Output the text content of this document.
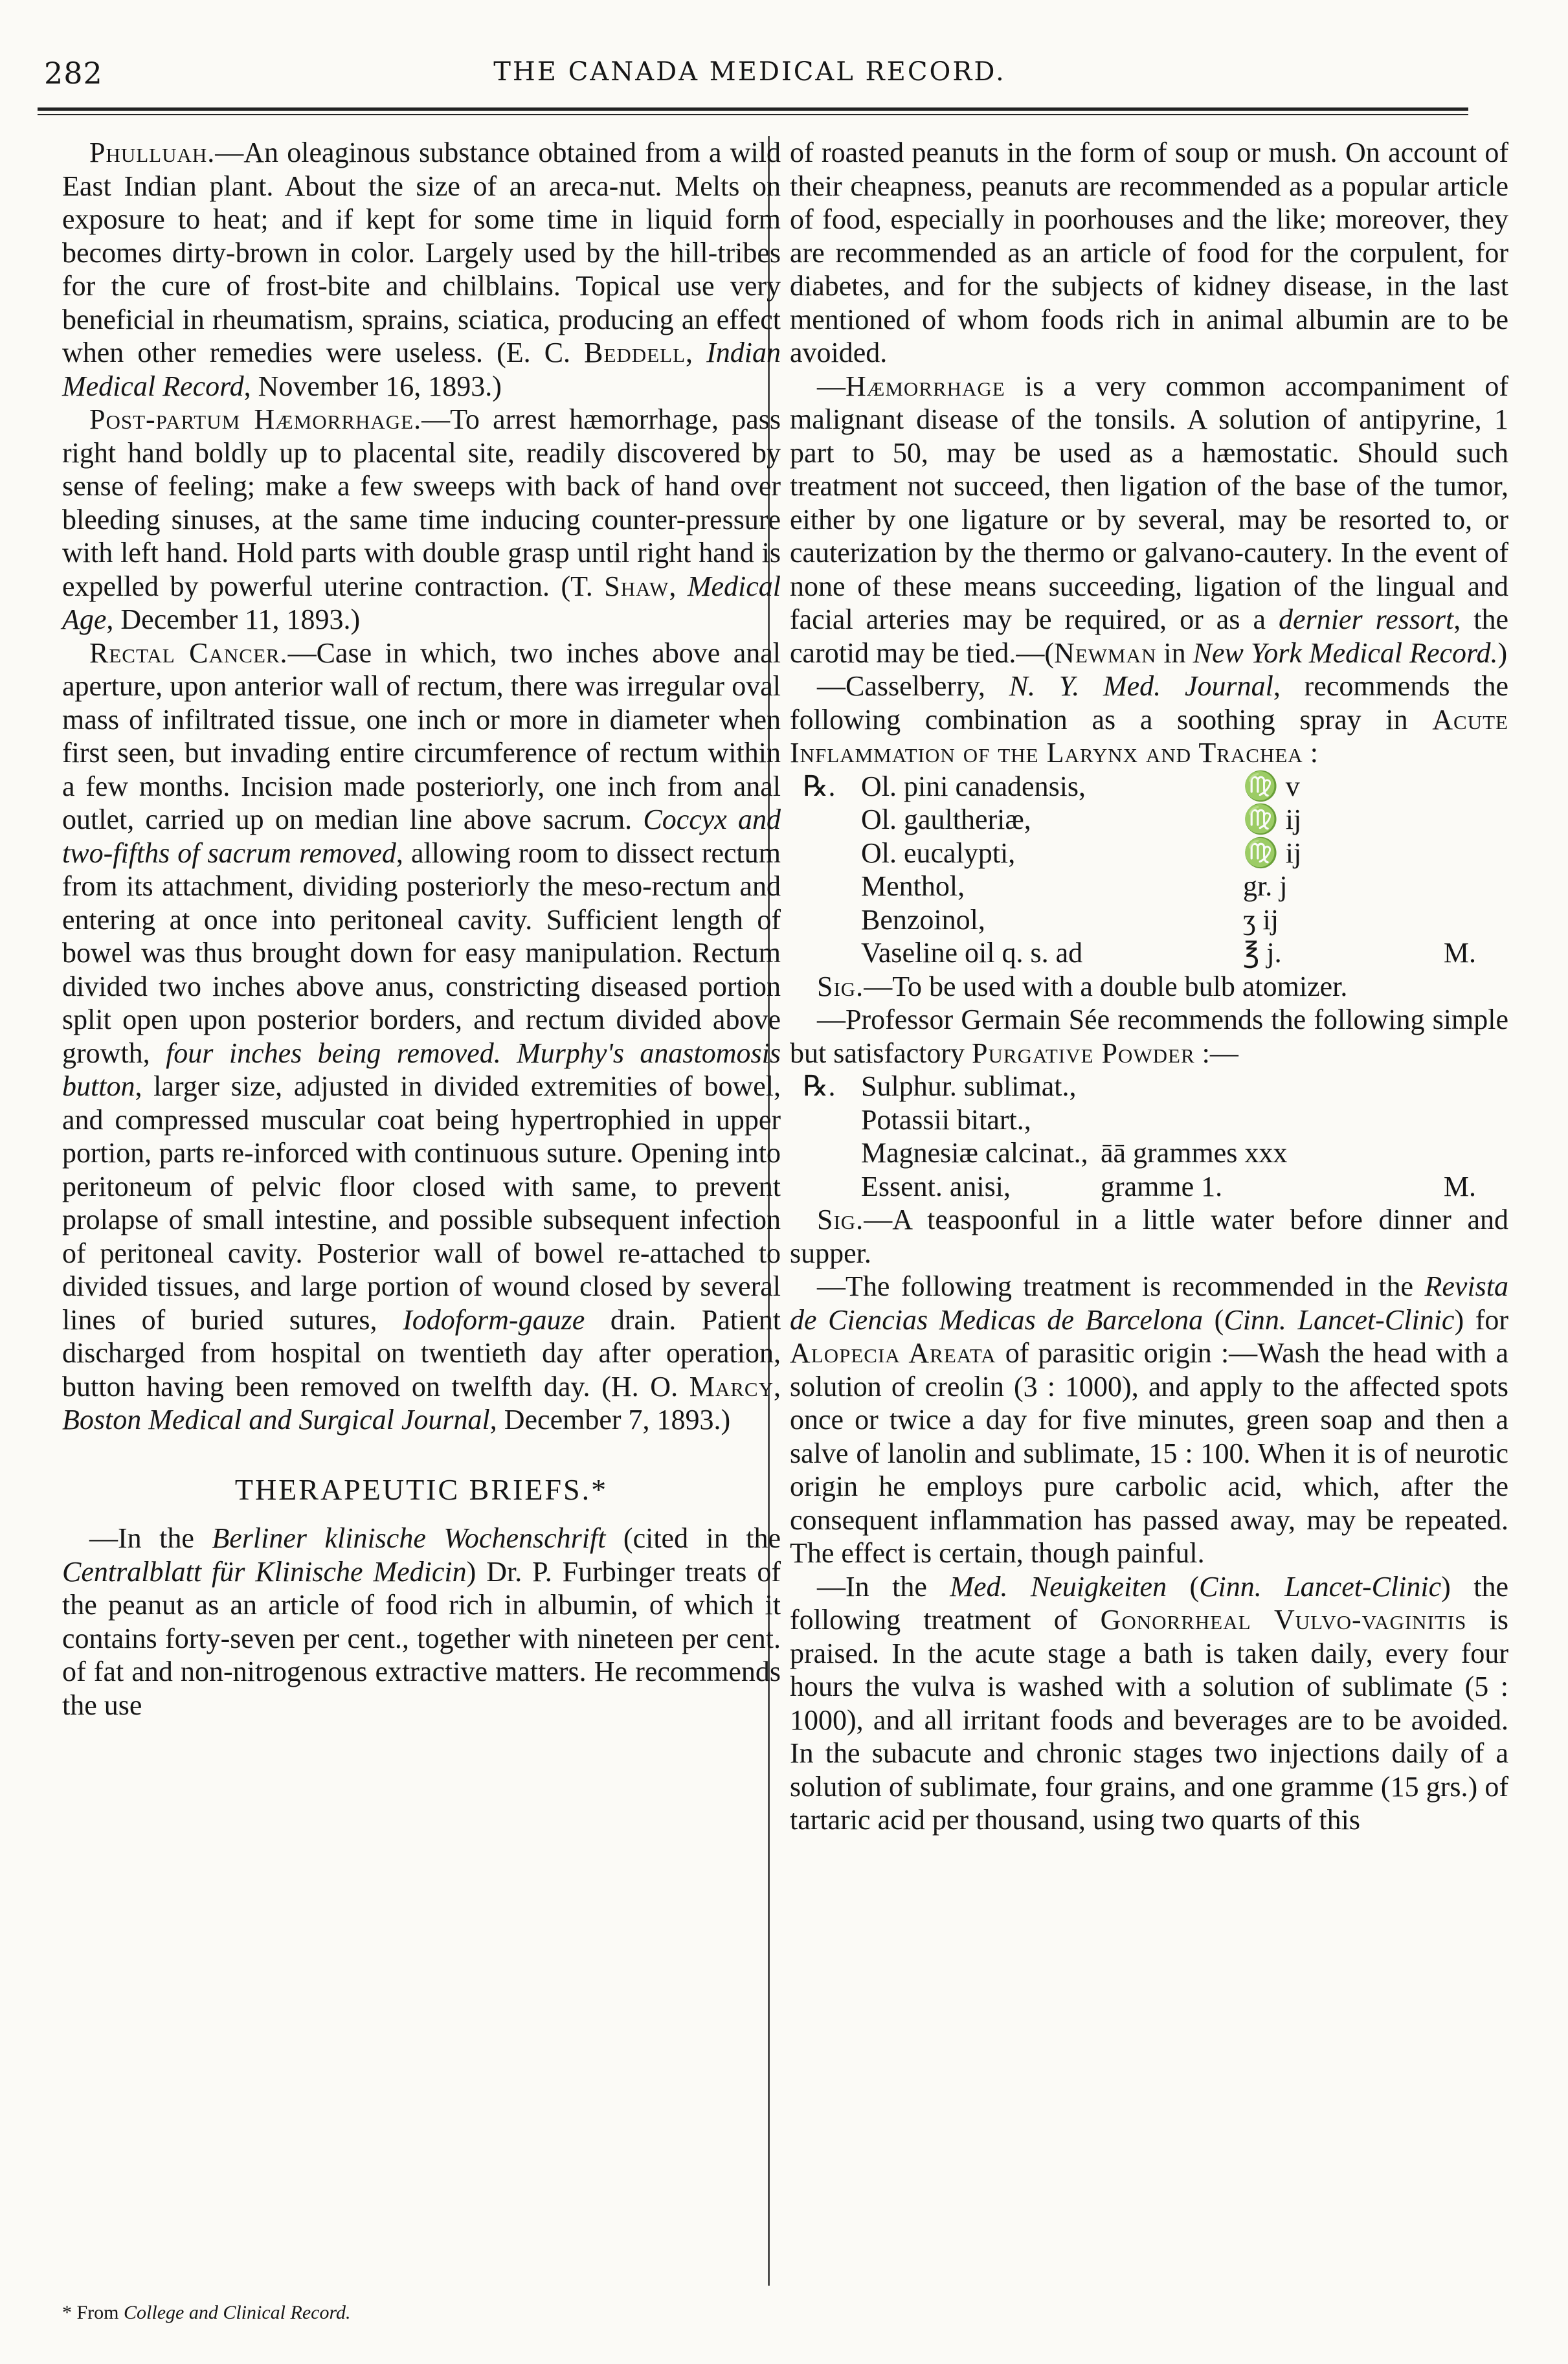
282	THE CANADA MEDICAL RECORD.

Phulluah.—An oleaginous substance obtained from a wild East Indian plant. About the size of an areca-nut. Melts on exposure to heat; and if kept for some time in liquid form becomes dirty-brown in color. Largely used by the hill-tribes for the cure of frost-bite and chilblains. Topical use very beneficial in rheumatism, sprains, sciatica, producing an effect when other remedies were useless. (E. C. Beddell, Indian Medical Record, November 16, 1893.)

Post-partum Hæmorrhage.—To arrest hæmorrhage, pass right hand boldly up to placental site, readily discovered by sense of feeling; make a few sweeps with back of hand over bleeding sinuses, at the same time inducing counter-pressure with left hand. Hold parts with double grasp until right hand is expelled by powerful uterine contraction. (T. Shaw, Medical Age, December 11, 1893.)

Rectal Cancer.—Case in which, two inches above anal aperture, upon anterior wall of rectum, there was irregular oval mass of infiltrated tissue, one inch or more in diameter when first seen, but invading entire circumference of rectum within a few months. Incision made posteriorly, one inch from anal outlet, carried up on median line above sacrum. Coccyx and two-fifths of sacrum removed, allowing room to dissect rectum from its attachment, dividing posteriorly the meso-rectum and entering at once into peritoneal cavity. Sufficient length of bowel was thus brought down for easy manipulation. Rectum divided two inches above anus, constricting diseased portion split open upon posterior borders, and rectum divided above growth, four inches being removed. Murphy's anastomosis button, larger size, adjusted in divided extremities of bowel, and compressed muscular coat being hypertrophied in upper portion, parts re-inforced with continuous suture. Opening into peritoneum of pelvic floor closed with same, to prevent prolapse of small intestine, and possible subsequent infection of peritoneal cavity. Posterior wall of bowel re-attached to divided tissues, and large portion of wound closed by several lines of buried sutures, Iodoform-gauze drain. Patient discharged from hospital on twentieth day after operation, button having been removed on twelfth day. (H. O. Marcy, Boston Medical and Surgical Journal, December 7, 1893.)

THERAPEUTIC BRIEFS.*

—In the Berliner klinische Wochenschrift (cited in the Centralblatt für Klinische Medicin) Dr. P. Furbinger treats of the peanut as an article of food rich in albumin, of which it contains forty-seven per cent., together with nineteen per cent. of fat and non-nitrogenous extractive matters. He recommends the use

of roasted peanuts in the form of soup or mush. On account of their cheapness, peanuts are recommended as a popular article of food, especially in poorhouses and the like; moreover, they are recommended as an article of food for the corpulent, for diabetes, and for the subjects of kidney disease, in the last mentioned of whom foods rich in animal albumin are to be avoided.

—Hæmorrhage is a very common accompaniment of malignant disease of the tonsils. A solution of antipyrine, 1 part to 50, may be used as a hæmostatic. Should such treatment not succeed, then ligation of the base of the tumor, either by one ligature or by several, may be resorted to, or cauterization by the thermo or galvano-cautery. In the event of none of these means succeeding, ligation of the lingual and facial arteries may be required, or as a dernier ressort, the carotid may be tied.—(Newman in New York Medical Record.)

—Casselberry, N. Y. Med. Journal, recommends the following combination as a soothing spray in Acute Inflammation of the Larynx and Trachea :

℞. Ol. pini canadensis,	♍ v
Ol. gaultheriæ,	♍ ij
Ol. eucalypti,	♍ ij
Menthol,	gr. j
Benzoinol,	ʒ ij
Vaseline oil q. s. ad	℥ j.	M.

Sig.—To be used with a double bulb atomizer.

—Professor Germain Sée recommends the following simple but satisfactory Purgative Powder :—

℞. Sulphur. sublimat.,
Potassii bitart.,
Magnesiæ calcinat., āā grammes xxx
Essent. anisi,	gramme 1.	M.

Sig.—A teaspoonful in a little water before dinner and supper.

—The following treatment is recommended in the Revista de Ciencias Medicas de Barcelona (Cinn. Lancet-Clinic) for Alopecia Areata of parasitic origin :—Wash the head with a solution of creolin (3 : 1000), and apply to the affected spots once or twice a day for five minutes, green soap and then a salve of lanolin and sublimate, 15 : 100. When it is of neurotic origin he employs pure carbolic acid, which, after the consequent inflammation has passed away, may be repeated. The effect is certain, though painful.

—In the Med. Neuigkeiten (Cinn. Lancet-Clinic) the following treatment of Gonorrheal Vulvo-vaginitis is praised. In the acute stage a bath is taken daily, every four hours the vulva is washed with a solution of sublimate (5 : 1000), and all irritant foods and beverages are to be avoided. In the subacute and chronic stages two injections daily of a solution of sublimate, four grains, and one gramme (15 grs.) of tartaric acid per thousand, using two quarts of this

* From College and Clinical Record.
